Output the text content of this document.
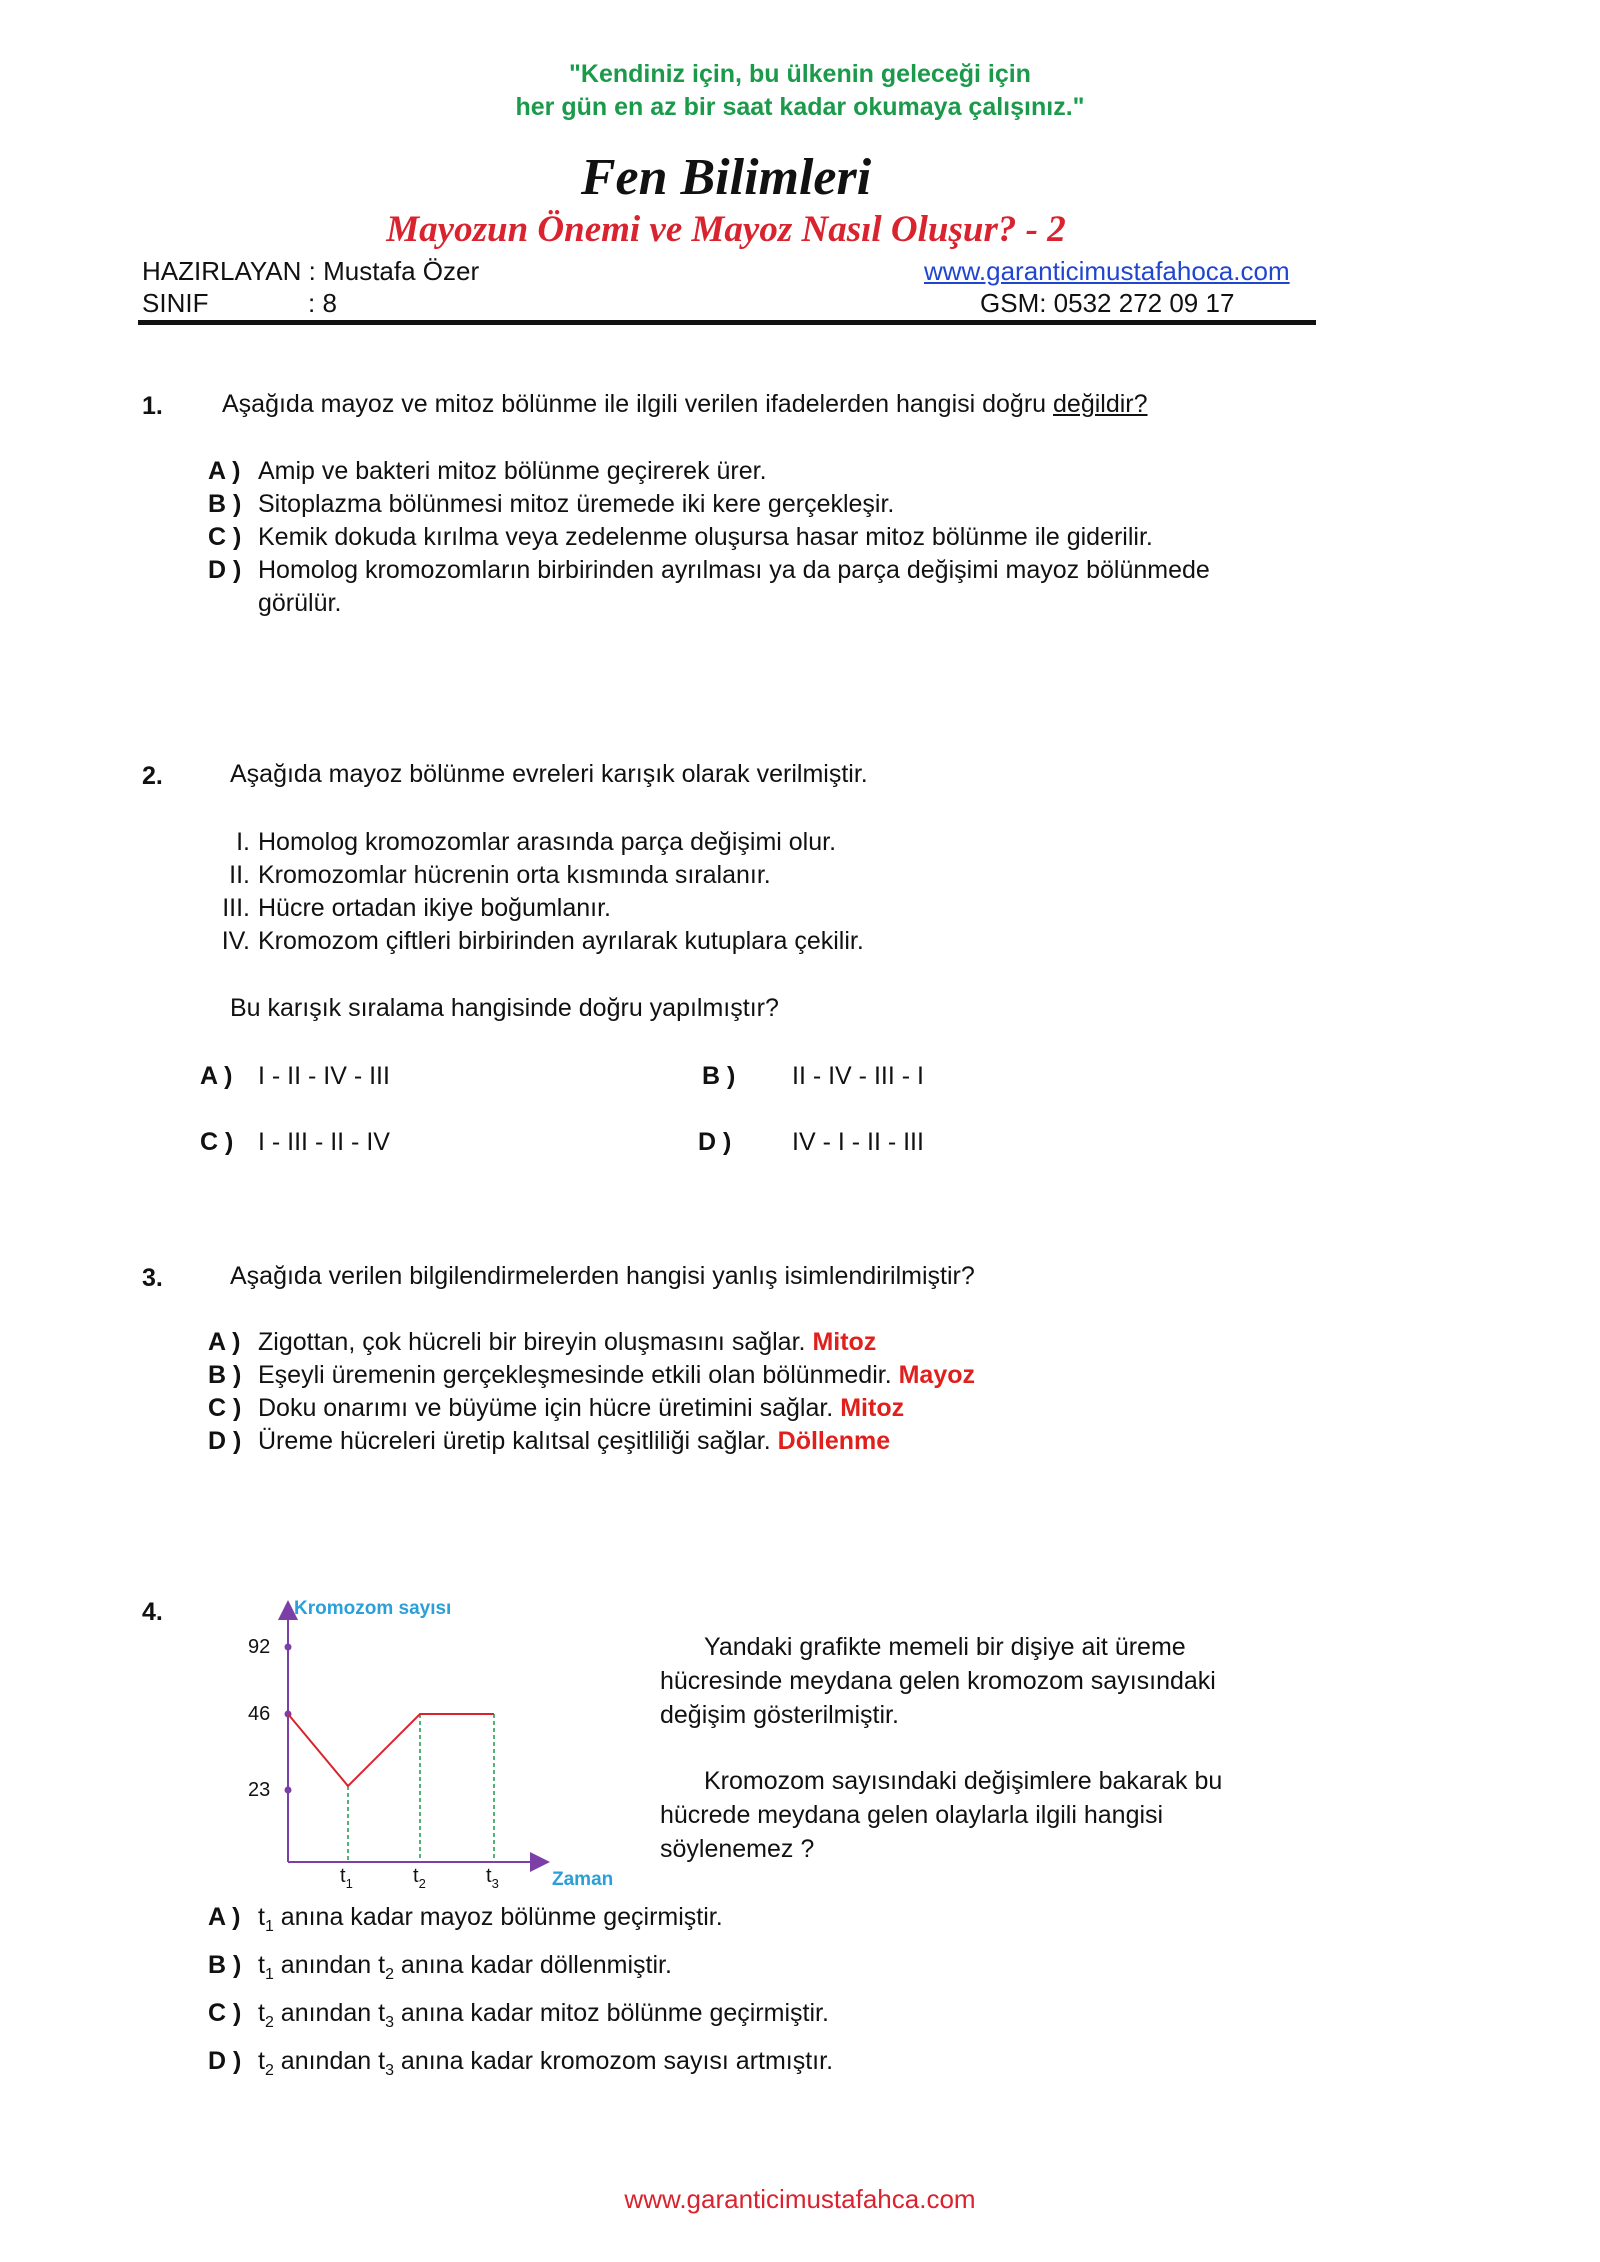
"Kendiniz için, bu ülkenin geleceği için
her gün en az bir saat kadar okumaya çalışınız."
Fen Bilimleri
Mayozun Önemi ve Mayoz Nasıl Oluşur? - 2
HAZIRLAYAN : Mustafa Özer	www.garanticimustafahoca.com
SINIF	: 8	GSM: 0532 272 09 17
1. Aşağıda mayoz ve mitoz bölünme ile ilgili verilen ifadelerden hangisi doğru değildir?
A ) Amip ve bakteri mitoz bölünme geçirerek ürer.
B ) Sitoplazma bölünmesi mitoz üremede iki kere gerçekleşir.
C ) Kemik dokuda kırılma veya zedelenme oluşursa hasar mitoz bölünme ile giderilir.
D ) Homolog kromozomların birbirinden ayrılması ya da parça değişimi mayoz bölünmede
görülür.
2.	Aşağıda mayoz bölünme evreleri karışık olarak verilmiştir.
I. Homolog kromozomlar arasında parça değişimi olur.
II. Kromozomlar hücrenin orta kısmında sıralanır.
III. Hücre ortadan ikiye boğumlanır.
IV. Kromozom çiftleri birbirinden ayrılarak kutuplara çekilir.
Bu karışık sıralama hangisinde doğru yapılmıştır?
A ) I - II - IV - III	B ) II - IV - III - I
C ) I - III - II - IV	D ) IV - I - II - III
3.	Aşağıda verilen bilgilendirmelerden hangisi yanlış isimlendirilmiştir?
A ) Zigottan, çok hücreli bir bireyin oluşmasını sağlar. Mitoz
B ) Eşeyli üremenin gerçekleşmesinde etkili olan bölünmedir. Mayoz
C ) Doku onarımı ve büyüme için hücre üretimini sağlar. Mitoz
D ) Üreme hücreleri üretip kalıtsal çeşitliliği sağlar. Döllenme
4.	Kromozom sayısı
Zaman
92
46
23
$t_1$	$t_2$	$t_3$
Yandaki grafikte memeli bir dişiye ait üreme
hücresinde meydana gelen kromozom sayısındaki
değişim gösterilmiştir.
Kromozom sayısındaki değişimlere bakarak bu
hücrede meydana gelen olaylarla ilgili hangisi
söylenemez ?
A ) $t_1$ anına kadar mayoz bölünme geçirmiştir.
B ) $t_1$ anından $t_2$ anına kadar döllenmiştir.
C ) $t_2$ anından $t_3$ anına kadar mitoz bölünme geçirmiştir.
D ) $t_2$ anından $t_3$ anına kadar kromozom sayısı artmıştır.
www.garanticimustafahca.com
